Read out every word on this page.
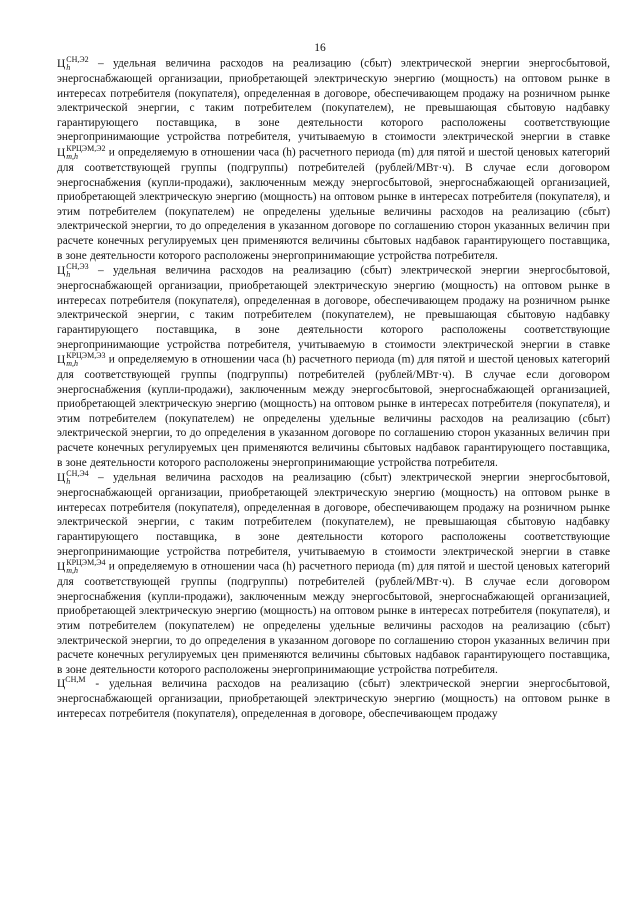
16

Ц СН,Э2
h	– удельная величина расходов на реализацию (сбыт) электрической энергии энергосбытовой, энергоснабжающей организации, приобретающей электрическую энергию (мощность) на оптовом рынке в интересах потребителя (покупателя), определенная в договоре, обеспечивающем продажу на розничном рынке электрической энергии, с таким потребителем (покупателем), не превышающая сбытовую надбавку гарантирующего поставщика, в зоне деятельности которого расположены соответствующие энергопринимающие устройства потребителя, учитываемую в стоимости электрической энергии в ставке Ц КРЦЭМ,Э2
m,h	и определяемую в отношении часа (h) расчетного периода (m) для пятой и шестой ценовых категорий для соответствующей группы (подгруппы) потребителей (рублей/МВт·ч). В случае если договором энергоснабжения (купли-продажи), заключенным между энергосбытовой, энергоснабжающей организацией, приобретающей электрическую энергию (мощность) на оптовом рынке в интересах потребителя (покупателя), и этим потребителем (покупателем) не определены удельные величины расходов на реализацию (сбыт) электрической энергии, то до определения в указанном договоре по соглашению сторон указанных величин при расчете конечных регулируемых цен применяются величины сбытовых надбавок гарантирующего поставщика, в зоне деятельности которого расположены энергопринимающие устройства потребителя.

Ц СН,Э3
h	– удельная величина расходов на реализацию (сбыт) электрической энергии энергосбытовой, энергоснабжающей организации, приобретающей электрическую энергию (мощность) на оптовом рынке в интересах потребителя (покупателя), определенная в договоре, обеспечивающем продажу на розничном рынке электрической энергии, с таким потребителем (покупателем), не превышающая сбытовую надбавку гарантирующего поставщика, в зоне деятельности которого расположены соответствующие энергопринимающие устройства потребителя, учитываемую в стоимости электрической энергии в ставке Ц КРЦЭМ,Э3
m,h	и определяемую в отношении часа (h) расчетного периода (m) для пятой и шестой ценовых категорий для соответствующей группы (подгруппы) потребителей (рублей/МВт·ч). В случае если договором энергоснабжения (купли-продажи), заключенным между энергосбытовой, энергоснабжающей организацией, приобретающей электрическую энергию (мощность) на оптовом рынке в интересах потребителя (покупателя), и этим потребителем (покупателем) не определены удельные величины расходов на реализацию (сбыт) электрической энергии, то до определения в указанном договоре по соглашению сторон указанных величин при расчете конечных регулируемых цен применяются величины сбытовых надбавок гарантирующего поставщика, в зоне деятельности которого расположены энергопринимающие устройства потребителя.

Ц СН,Э4
h	– удельная величина расходов на реализацию (сбыт) электрической энергии энергосбытовой, энергоснабжающей организации, приобретающей электрическую энергию (мощность) на оптовом рынке в интересах потребителя (покупателя), определенная в договоре, обеспечивающем продажу на розничном рынке электрической энергии, с таким потребителем (покупателем), не превышающая сбытовую надбавку гарантирующего поставщика, в зоне деятельности которого расположены соответствующие энергопринимающие устройства потребителя, учитываемую в стоимости электрической энергии в ставке Ц КРЦЭМ,Э4
m,h	и определяемую в отношении часа (h) расчетного периода (m) для пятой и шестой ценовых категорий для соответствующей группы (подгруппы) потребителей (рублей/МВт·ч). В случае если договором энергоснабжения (купли-продажи), заключенным между энергосбытовой, энергоснабжающей организацией, приобретающей электрическую энергию (мощность) на оптовом рынке в интересах потребителя (покупателя), и этим потребителем (покупателем) не определены удельные величины расходов на реализацию (сбыт) электрической энергии, то до определения в указанном договоре по соглашению сторон указанных величин при расчете конечных регулируемых цен применяются величины сбытовых надбавок гарантирующего поставщика, в зоне деятельности которого расположены энергопринимающие устройства потребителя.

$Ц^{СН,М}$ - удельная величина расходов на реализацию (сбыт) электрической энергии энергосбытовой, энергоснабжающей организации, приобретающей электрическую энергию (мощность) на оптовом рынке в интересах потребителя (покупателя), определенная в договоре, обеспечивающем продажу
